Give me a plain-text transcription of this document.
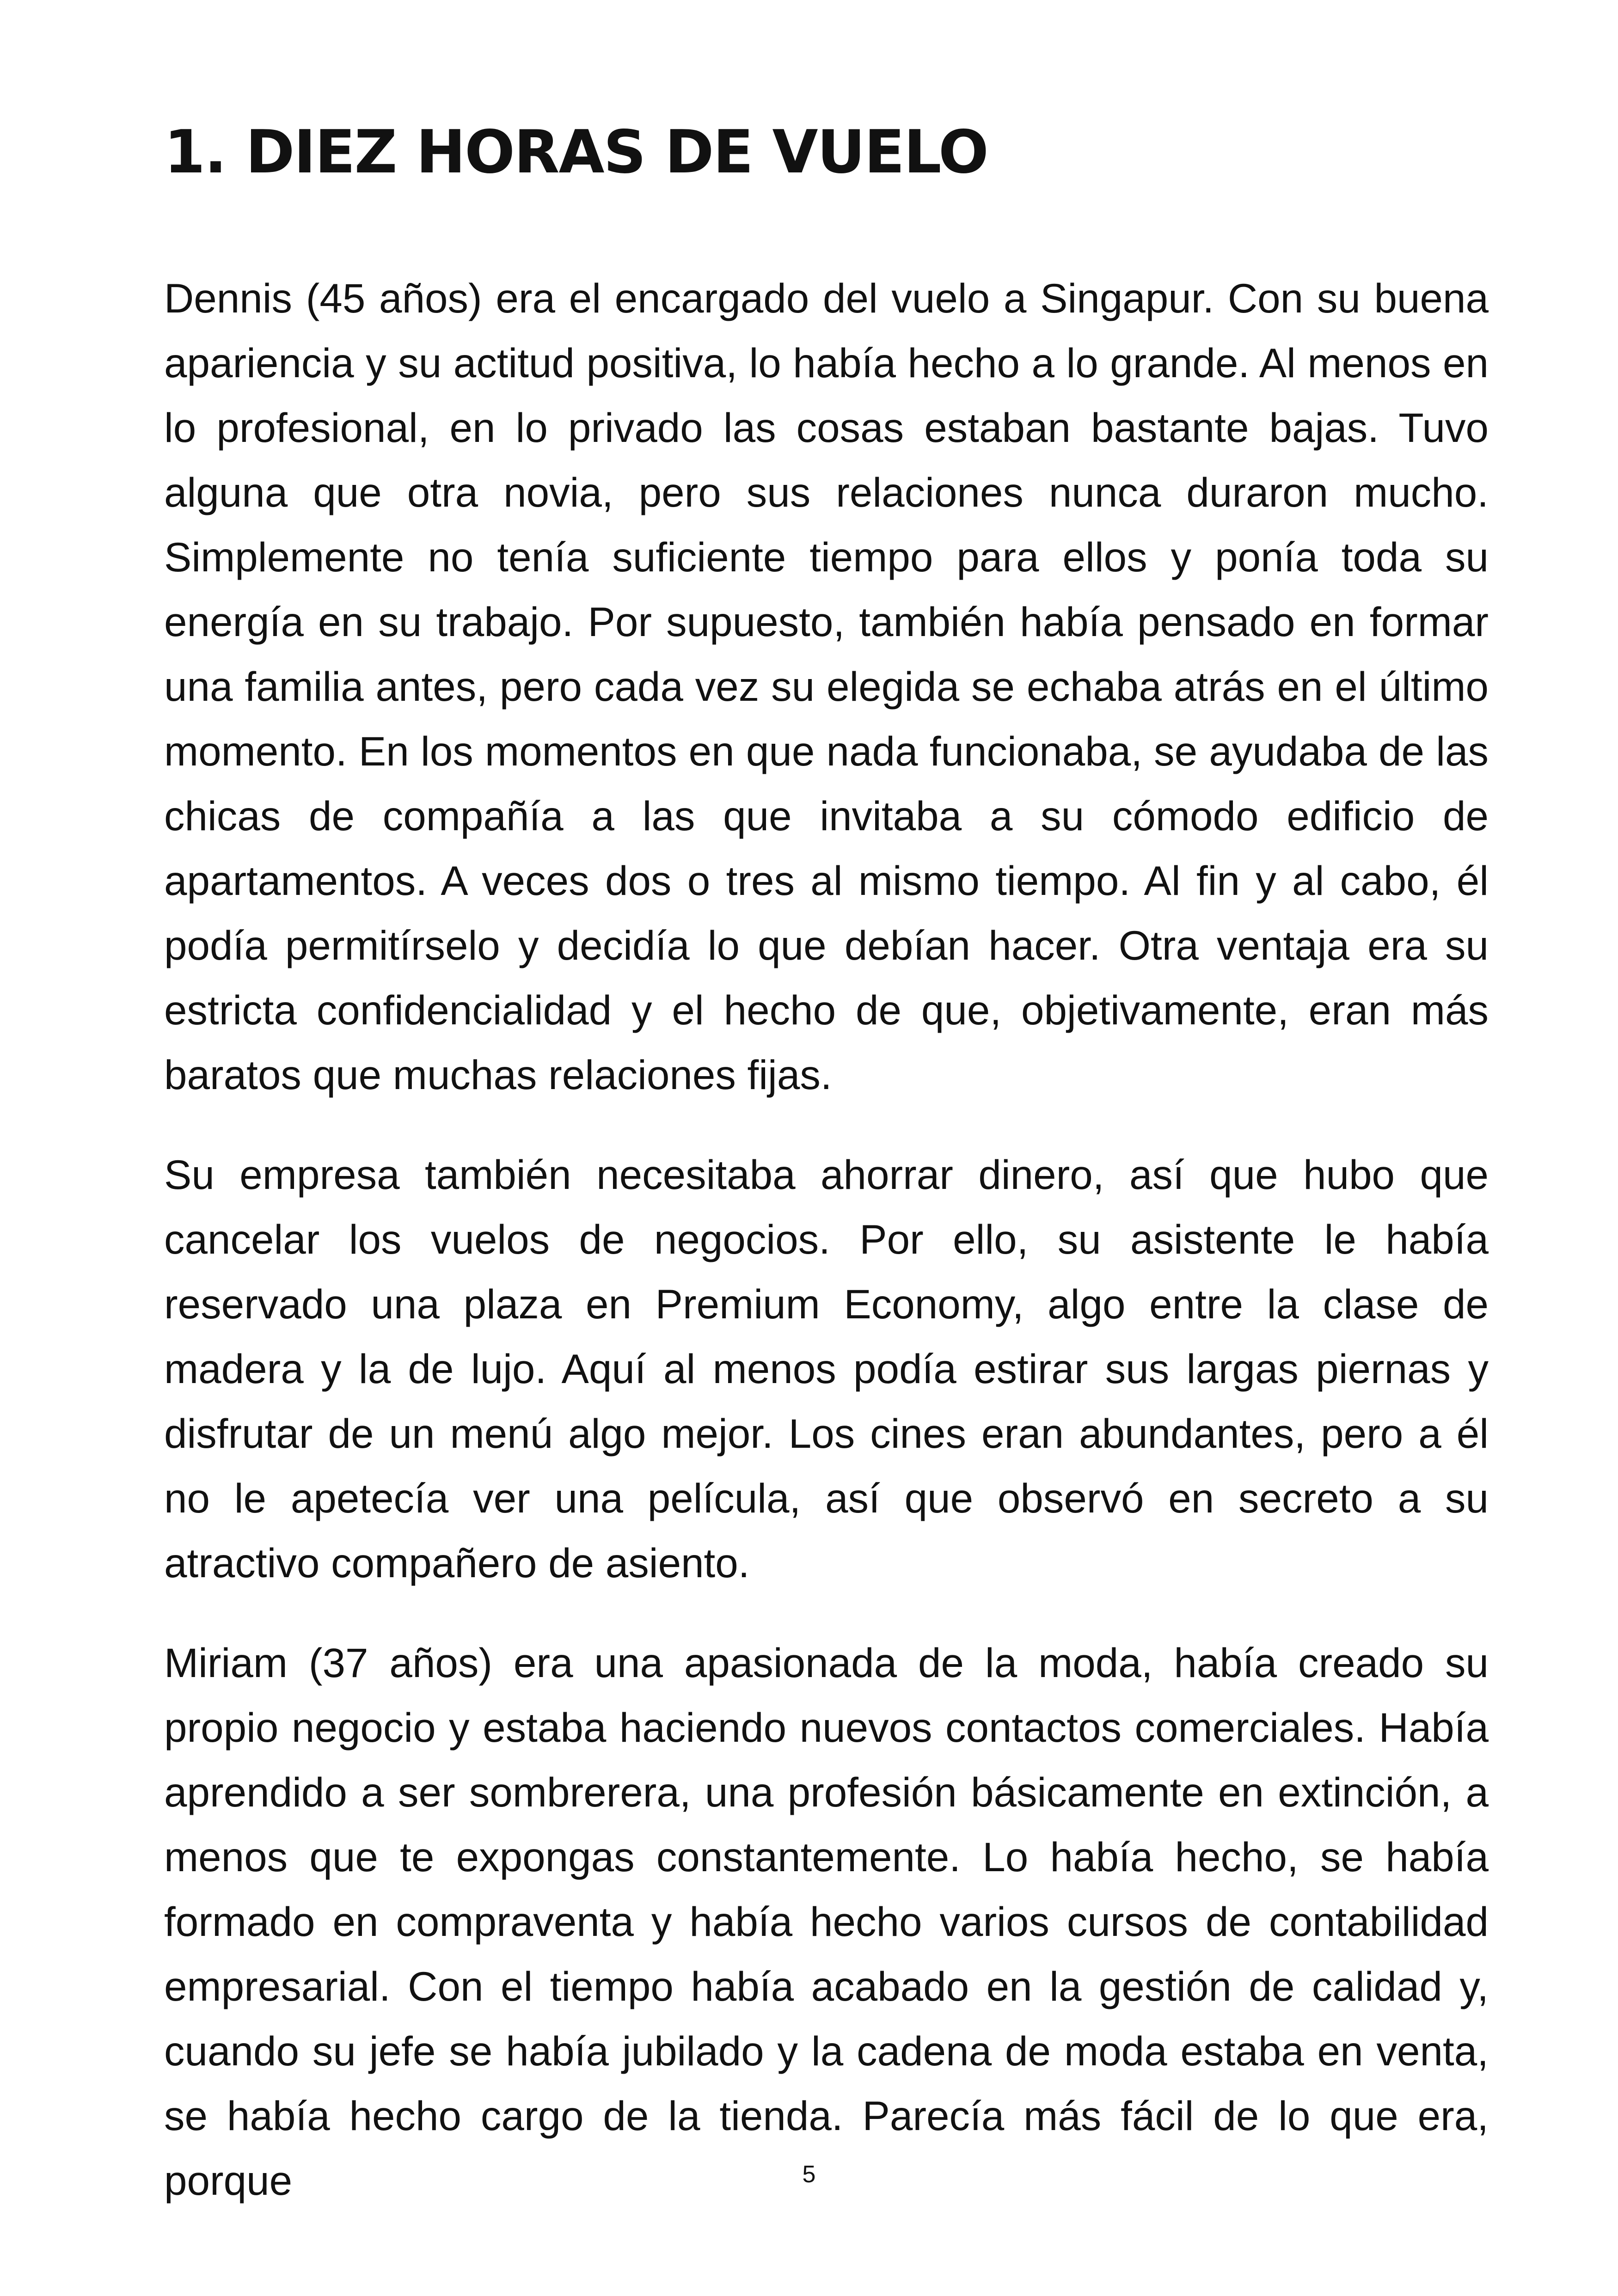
1. DIEZ HORAS DE VUELO

Dennis (45 años) era el encargado del vuelo a Singapur. Con su buena apariencia y su actitud positiva, lo había hecho a lo grande. Al menos en lo profesional, en lo privado las cosas estaban bastante bajas. Tuvo alguna que otra novia, pero sus relaciones nunca duraron mucho. Simplemente no tenía suficiente tiempo para ellos y ponía toda su energía en su trabajo. Por supuesto, también había pensado en formar una familia antes, pero cada vez su elegida se echaba atrás en el último momento. En los momentos en que nada funcionaba, se ayudaba de las chicas de compañía a las que invitaba a su cómodo edificio de apartamentos. A veces dos o tres al mismo tiempo. Al fin y al cabo, él podía permitírselo y decidía lo que debían hacer. Otra ventaja era su estricta confidencialidad y el hecho de que, objetivamente, eran más baratos que muchas relaciones fijas.

Su empresa también necesitaba ahorrar dinero, así que hubo que cancelar los vuelos de negocios. Por ello, su asistente le había reservado una plaza en Premium Economy, algo entre la clase de madera y la de lujo. Aquí al menos podía estirar sus largas piernas y disfrutar de un menú algo mejor. Los cines eran abundantes, pero a él no le apetecía ver una película, así que observó en secreto a su atractivo compañero de asiento.

Miriam (37 años) era una apasionada de la moda, había creado su propio negocio y estaba haciendo nuevos contactos comerciales. Había aprendido a ser sombrerera, una profesión básicamente en extinción, a menos que te expongas constantemente. Lo había hecho, se había formado en compraventa y había hecho varios cursos de contabilidad empresarial. Con el tiempo había acabado en la gestión de calidad y, cuando su jefe se había jubilado y la cadena de moda estaba en venta, se había hecho cargo de la tienda. Parecía más fácil de lo que era, porque	5
